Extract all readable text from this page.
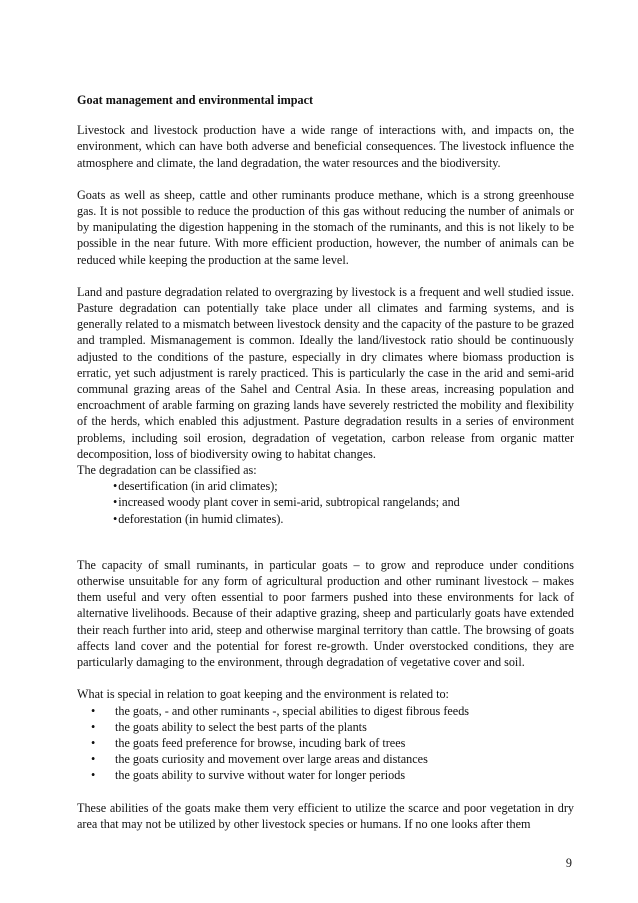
Goat management and environmental impact

Livestock and livestock production have a wide range of interactions with, and impacts on, the environment, which can have both adverse and beneficial consequences. The livestock influence the atmosphere and climate, the land degradation, the water resources and the biodiversity.

Goats as well as sheep, cattle and other ruminants produce methane, which is a strong greenhouse gas. It is not possible to reduce the production of this gas without reducing the number of animals or by manipulating the digestion happening in the stomach of the ruminants, and this is not likely to be possible in the near future. With more efficient production, however, the number of animals can be reduced while keeping the production at the same level.

Land and pasture degradation related to overgrazing by livestock is a frequent and well studied issue. Pasture degradation can potentially take place under all climates and farming systems, and is generally related to a mismatch between livestock density and the capacity of the pasture to be grazed and trampled. Mismanagement is common. Ideally the land/livestock ratio should be continuously adjusted to the conditions of the pasture, especially in dry climates where biomass production is erratic, yet such adjustment is rarely practiced. This is particularly the case in the arid and semi-arid communal grazing areas of the Sahel and Central Asia. In these areas, increasing population and encroachment of arable farming on grazing lands have severely restricted the mobility and flexibility of the herds, which enabled this adjustment. Pasture degradation results in a series of environment problems, including soil erosion, degradation of vegetation, carbon release from organic matter decomposition, loss of biodiversity owing to habitat changes.

The degradation can be classified as:

• desertification (in arid climates);
• increased woody plant cover in semi-arid, subtropical rangelands; and
• deforestation (in humid climates).

The capacity of small ruminants, in particular goats – to grow and reproduce under conditions otherwise unsuitable for any form of agricultural production and other ruminant livestock – makes them useful and very often essential to poor farmers pushed into these environments for lack of alternative livelihoods. Because of their adaptive grazing, sheep and particularly goats have extended their reach further into arid, steep and otherwise marginal territory than cattle. The browsing of goats affects land cover and the potential for forest re-growth. Under overstocked conditions, they are particularly damaging to the environment, through degradation of vegetative cover and soil.

What is special in relation to goat keeping and the environment is related to:

• the goats, - and other ruminants -, special abilities to digest fibrous feeds
• the goats ability to select the best parts of the plants
• the goats feed preference for browse, incuding bark of trees
• the goats curiosity and movement over large areas and distances
• the goats ability to survive without water for longer periods

These abilities of the goats make them very efficient to utilize the scarce and poor vegetation in dry area that may not be utilized by other livestock species or humans. If no one looks after them

9
